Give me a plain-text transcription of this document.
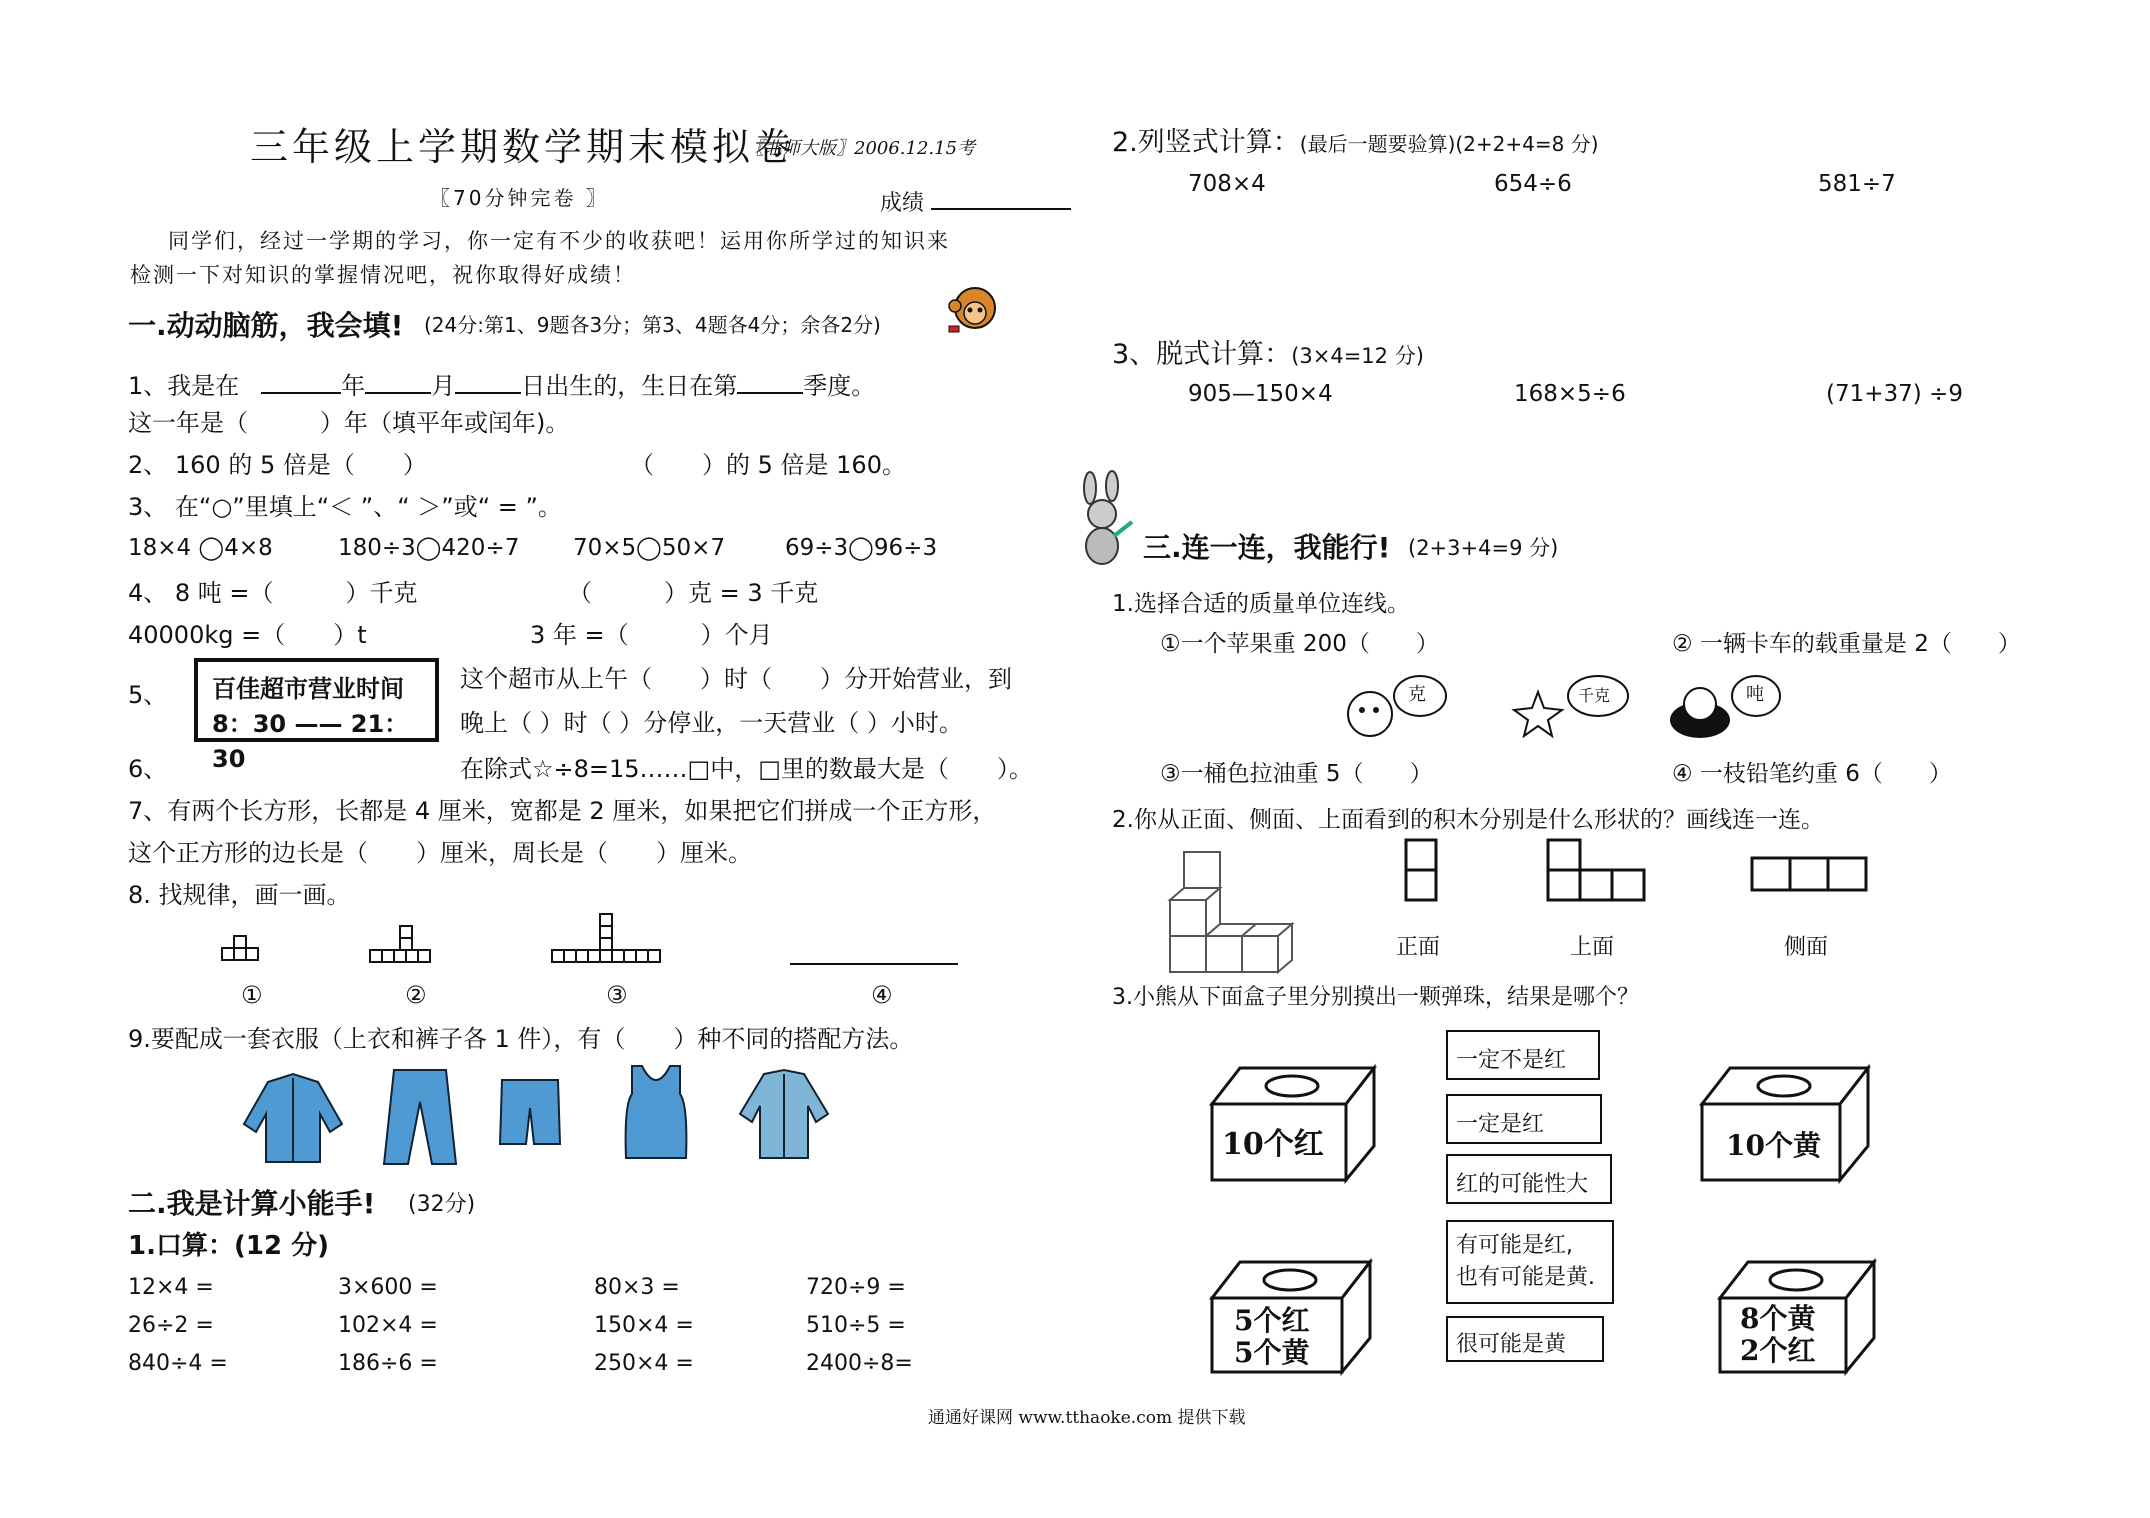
三年级上学期数学期末模拟卷
〖北师大版〗2006.12.15考
〖70分钟完卷 〗	成绩
同学们，经过一学期的学习，你一定有不少的收获吧！运用你所学过的知识来
检测一下对知识的掌握情况吧，祝你取得好成绩！
一.动动脑筋，我会填! (24分:第1、9题各3分；第3、4题各4分；余各2分)
1、我是在	年	月	日出生的，生日在第	季度。
这一年是（　　　）年（填平年或闰年)。
2、 160 的 5 倍是（　　）	（　　）的 5 倍是 160。
3、 在“○”里填上“＜ ”、“ ＞”或“ = ”。
18×4 ◯4×8	180÷3◯420÷7 70×5◯50×7	69÷3◯96÷3
4、 8 吨 =（　　　）千克	（　　　）克 = 3 千克
40000kg =（　　）t	3 年 =（　　　）个月
5、 百佳超市营业时间
8：30 —— 21：30
这个超市从上午（　　）时（　　）分开始营业，到
晚上（ ）时（ ）分停业，一天营业（ ）小时。
6、	在除式☆÷8=15……□中，□里的数最大是（　　）。
7、有两个长方形，长都是 4 厘米，宽都是 2 厘米，如果把它们拼成一个正方形，
这个正方形的边长是（　　）厘米，周长是（　　）厘米。
8. 找规律，画一画。
①	②	③	④
9.要配成一套衣服（上衣和裤子各 1 件），有（　　）种不同的搭配方法。
二.我是计算小能手! (32分)
1.口算：(12 分)
12×4 =	3×600 =	80×3 =	720÷9 =
26÷2 =	102×4 =	150×4 =	510÷5 =
840÷4 =	186÷6 =	250×4 =	2400÷8=
2.列竖式计算：(最后一题要验算)(2+2+4=8 分)
708×4	654÷6	581÷7
3、脱式计算：(3×4=12 分)
905—150×4	168×5÷6	(71+37) ÷9
三.连一连，我能行! (2+3+4=9 分)
1.选择合适的质量单位连线。
①一个苹果重 200（　　）	② 一辆卡车的载重量是 2（　　）
克	千克	吨
③一桶色拉油重 5（　　）	④ 一枝铅笔约重 6（　　）
2.你从正面、侧面、上面看到的积木分别是什么形状的？画线连一连。
正面	上面	侧面
3.小熊从下面盒子里分别摸出一颗弹珠，结果是哪个？
10个红	10个黄
5个红
5个黄
8个黄
2个红
一定不是红
一定是红
红的可能性大
有可能是红,
也有可能是黄.
很可能是黄
通通好课网 www.tthaoke.com 提供下载
